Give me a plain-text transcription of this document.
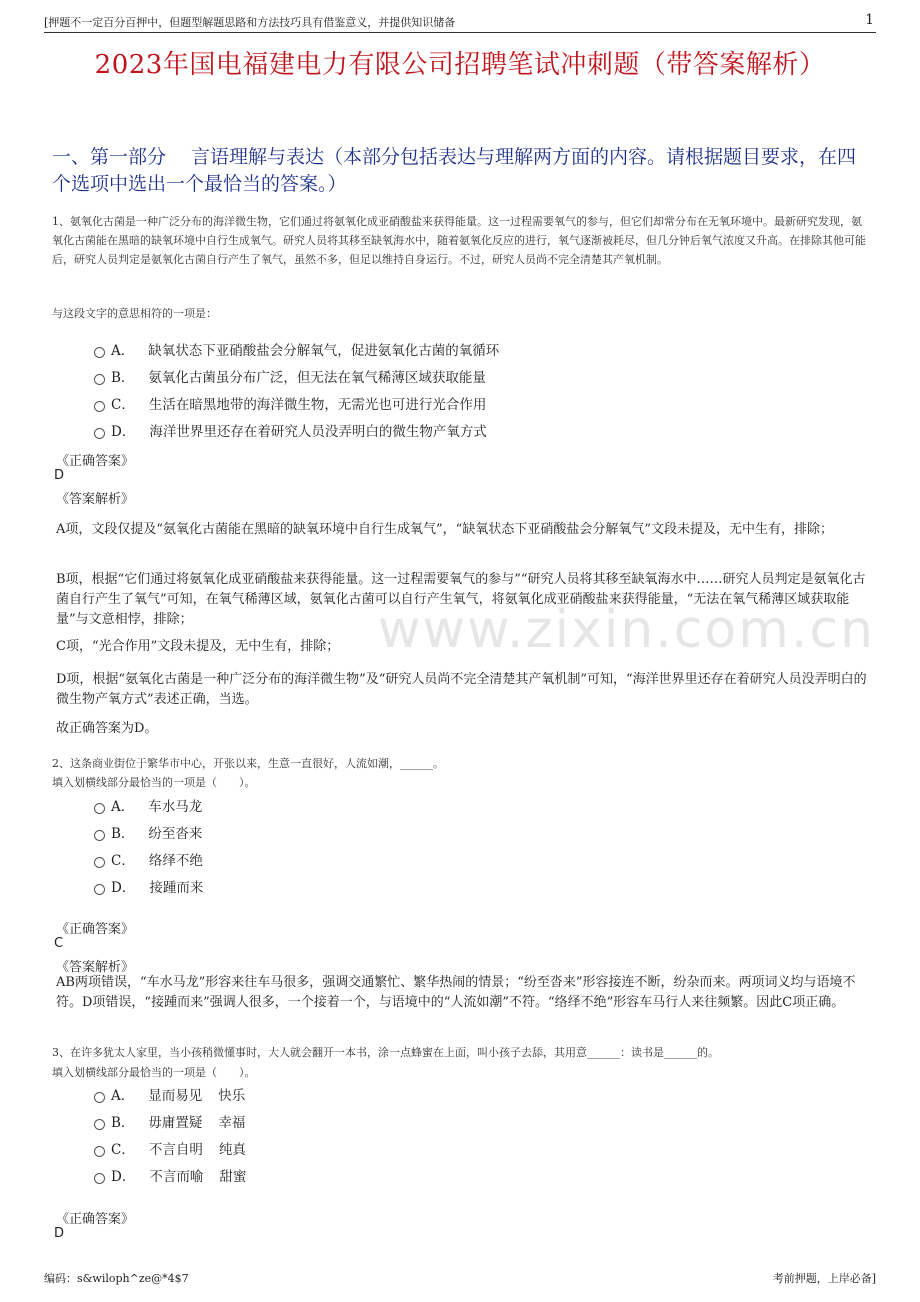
[ 押题不一定百分百押中，但题型解题思路和方法技巧具有借鉴意义，并提供知识储备	1
2023年国电福建电力有限公司招聘笔试冲刺题（带答案解析）
一、第一部分　 言语理解与表达（本部分包括表达与理解两方面的内容。请根据题目要求，在四个选项中选出一个最恰当的答案。）
www.zixin.com.cn
1、氨氧化古菌是一种广泛分布的海洋微生物，它们通过将氨氧化成亚硝酸盐来获得能量。这一过程需要氧气的参与，但它们却常分布在无氧环境中。最新研究发现，氨氧化古菌能在黑暗的缺氧环境中自行生成氧气。研究人员将其移至缺氧海水中，随着氨氧化反应的进行，氧气逐渐被耗尽，但几分钟后氧气浓度又升高。在排除其他可能后，研究人员判定是氨氧化古菌自行产生了氧气，虽然不多，但足以维持自身运行。不过，研究人员尚不完全清楚其产氧机制。
与这段文字的意思相符的一项是：
A． 缺氧状态下亚硝酸盐会分解氧气，促进氨氧化古菌的氧循环
B． 氨氧化古菌虽分布广泛，但无法在氧气稀薄区域获取能量
C． 生活在暗黑地带的海洋微生物，无需光也可进行光合作用
D． 海洋世界里还存在着研究人员没弄明白的微生物产氧方式
《正确答案》
D
《答案解析》
A项，文段仅提及“氨氧化古菌能在黑暗的缺氧环境中自行生成氧气”，“缺氧状态下亚硝酸盐会分解氧气”文段未提及，无中生有，排除；
B项，根据“它们通过将氨氧化成亚硝酸盐来获得能量。这一过程需要氧气的参与”“研究人员将其移至缺氧海水中……研究人员判定是氨氧化古菌自行产生了氧气”可知，在氧气稀薄区域，氨氧化古菌可以自行产生氧气，将氨氧化成亚硝酸盐来获得能量，“无法在氧气稀薄区域获取能量”与文意相悖，排除；
C项，“光合作用”文段未提及，无中生有，排除；
D项，根据“氨氧化古菌是一种广泛分布的海洋微生物”及“研究人员尚不完全清楚其产氧机制”可知，“海洋世界里还存在着研究人员没弄明白的微生物产氧方式”表述正确，当选。
故正确答案为D。
2、这条商业街位于繁华市中心，开张以来，生意一直很好，人流如潮，______。
填入划横线部分最恰当的一项是（　　）。
A． 车水马龙
B． 纷至沓来
C． 络绎不绝
D． 接踵而来
《正确答案》
C
《答案解析》
AB两项错误，“车水马龙”形容来往车马很多，强调交通繁忙、繁华热闹的情景；“纷至沓来”形容接连不断，纷杂而来。两项词义均与语境不符。D项错误，“接踵而来”强调人很多，一个接着一个，与语境中的“人流如潮”不符。“络绎不绝”形容车马行人来往频繁。因此C项正确。
3、在许多犹太人家里，当小孩稍微懂事时，大人就会翻开一本书，涂一点蜂蜜在上面，叫小孩子去舔，其用意______：读书是______的。
填入划横线部分最恰当的一项是（　　）。
A． 显而易见 快乐
B． 毋庸置疑 幸福
C． 不言自明 纯真
D． 不言而喻 甜蜜
《正确答案》
D
编码：s&wiloph^ze@*4$7	考前押题，上岸必备 ]
